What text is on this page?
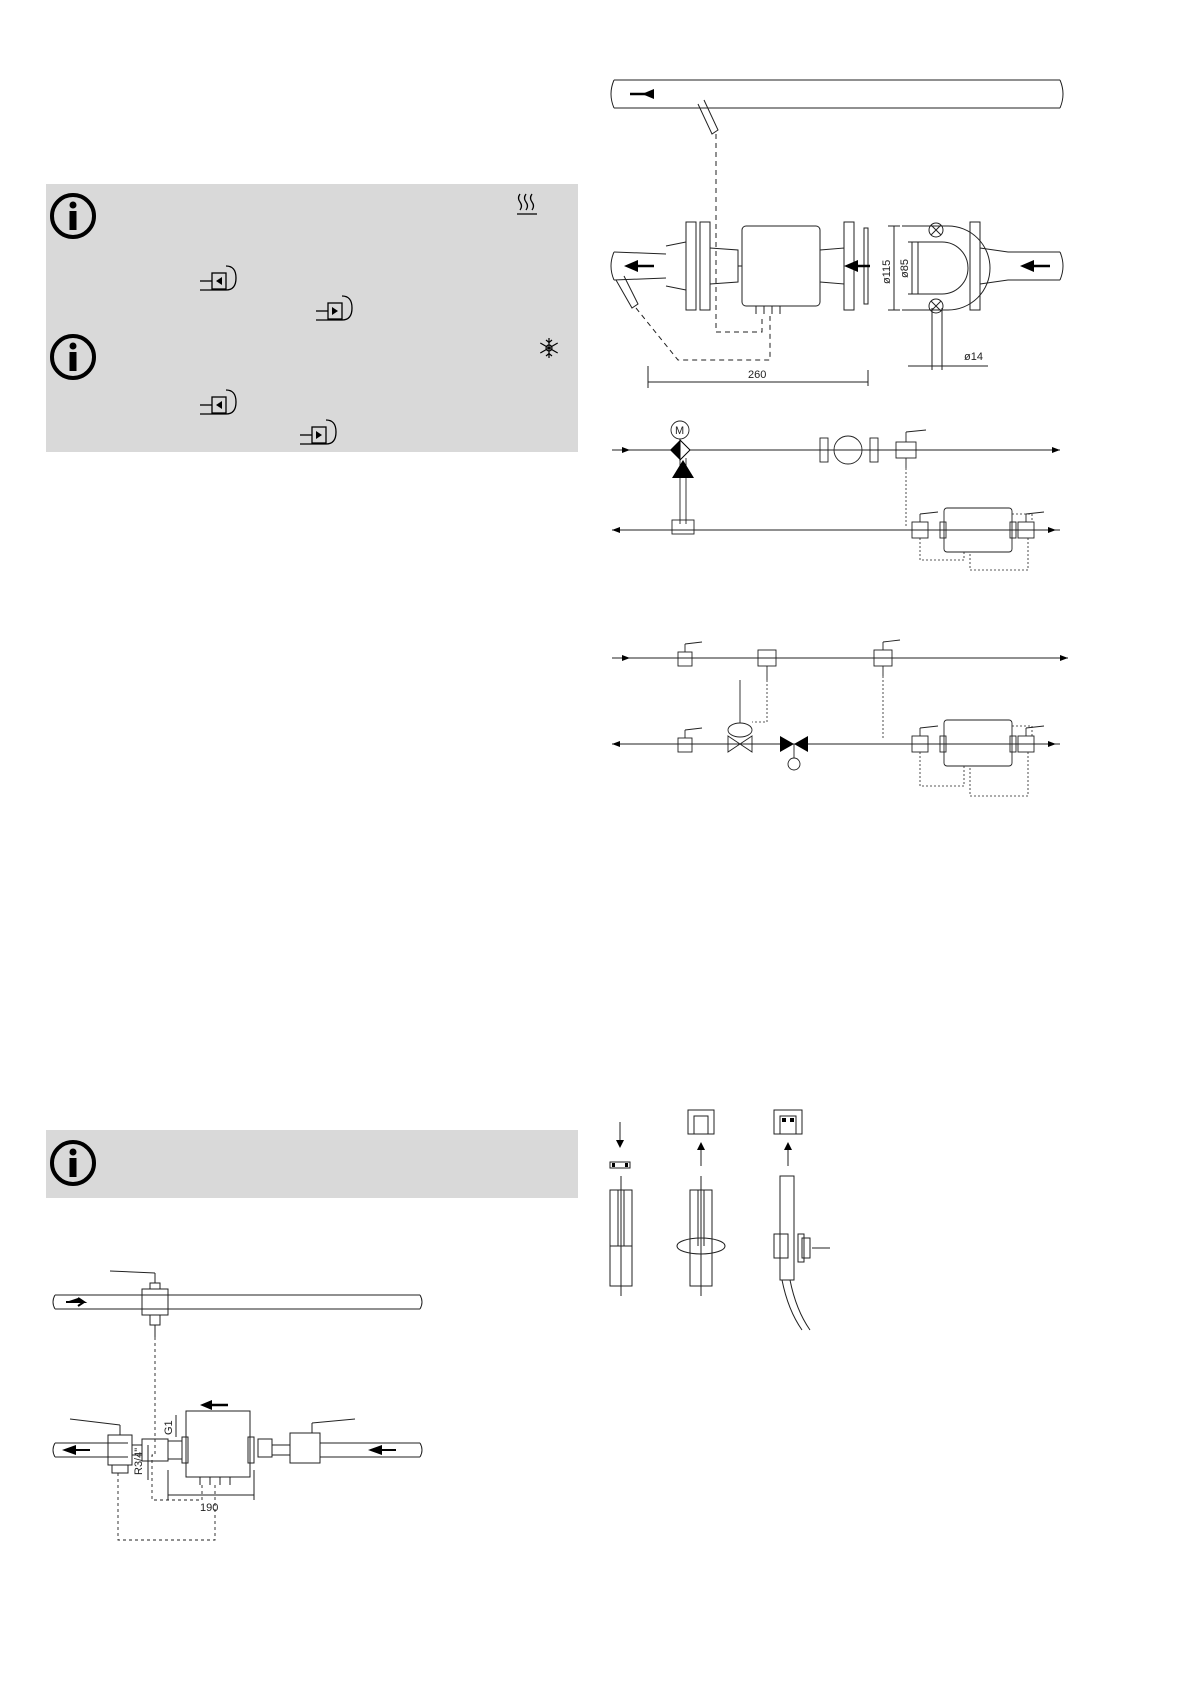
G1
R3/4"
190
ø115 ø85
ø14
260
M
